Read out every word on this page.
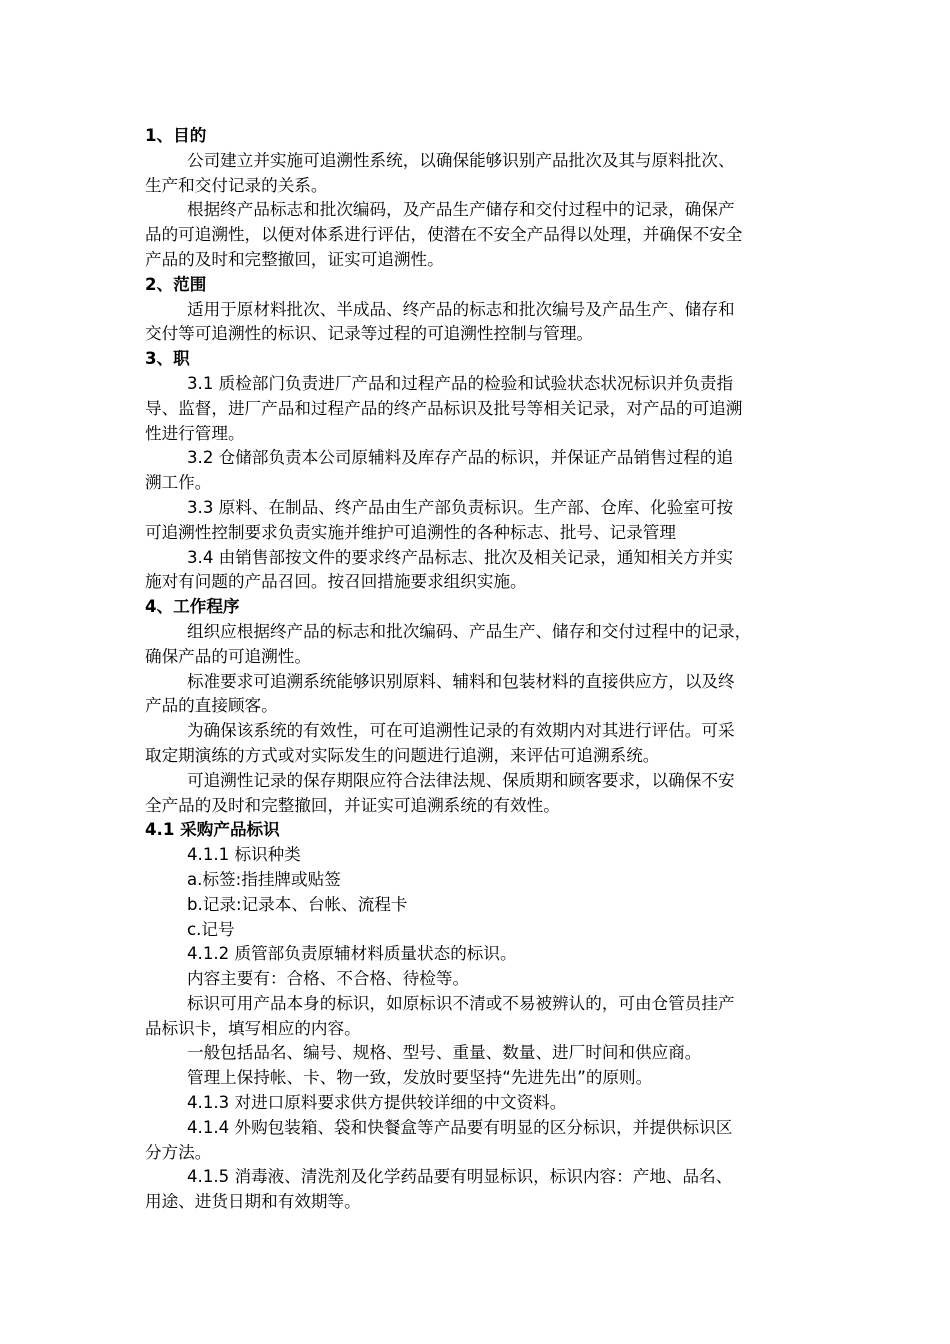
1、目的
公司建立并实施可追溯性系统，以确保能够识别产品批次及其与原料批次、
生产和交付记录的关系。
根据终产品标志和批次编码，及产品生产储存和交付过程中的记录，确保产
品的可追溯性，以便对体系进行评估，使潜在不安全产品得以处理，并确保不安全
产品的及时和完整撤回，证实可追溯性。
2、范围
适用于原材料批次、半成品、终产品的标志和批次编号及产品生产、储存和
交付等可追溯性的标识、记录等过程的可追溯性控制与管理。
3、职
3.1 质检部门负责进厂产品和过程产品的检验和试验状态状况标识并负责指
导、监督，进厂产品和过程产品的终产品标识及批号等相关记录，对产品的可追溯
性进行管理。
3.2 仓储部负责本公司原辅料及库存产品的标识，并保证产品销售过程的追
溯工作。
3.3 原料、在制品、终产品由生产部负责标识。生产部、仓库、化验室可按
可追溯性控制要求负责实施并维护可追溯性的各种标志、批号、记录管理
3.4 由销售部按文件的要求终产品标志、批次及相关记录，通知相关方并实
施对有问题的产品召回。按召回措施要求组织实施。
4、工作程序
组织应根据终产品的标志和批次编码、产品生产、储存和交付过程中的记录，
确保产品的可追溯性。
标准要求可追溯系统能够识别原料、辅料和包装材料的直接供应方，以及终
产品的直接顾客。
为确保该系统的有效性，可在可追溯性记录的有效期内对其进行评估。可采
取定期演练的方式或对实际发生的问题进行追溯，来评估可追溯系统。
可追溯性记录的保存期限应符合法律法规、保质期和顾客要求，以确保不安
全产品的及时和完整撤回，并证实可追溯系统的有效性。
4.1 采购产品标识
4.1.1 标识种类
a.标签:指挂牌或贴签
b.记录:记录本、台帐、流程卡
c.记号
4.1.2 质管部负责原辅材料质量状态的标识。
内容主要有：合格、不合格、待检等。
标识可用产品本身的标识，如原标识不清或不易被辨认的，可由仓管员挂产
品标识卡，填写相应的内容。
一般包括品名、编号、规格、型号、重量、数量、进厂时间和供应商。
管理上保持帐、卡、物一致，发放时要坚持“先进先出”的原则。
4.1.3 对进口原料要求供方提供较详细的中文资料。
4.1.4 外购包装箱、袋和快餐盒等产品要有明显的区分标识，并提供标识区
分方法。
4.1.5 消毒液、清洗剂及化学药品要有明显标识，标识内容：产地、品名、
用途、进货日期和有效期等。
